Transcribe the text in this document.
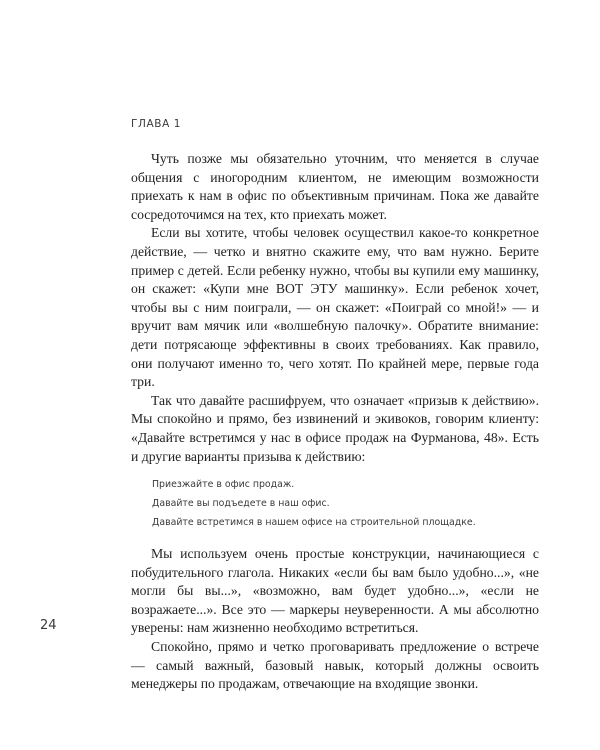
ГЛАВА 1

Чуть позже мы обязательно уточним, что меняется в случае общения с иногородним клиентом, не имеющим возможности приехать к нам в офис по объективным причинам. Пока же давайте сосредоточимся на тех, кто приехать может.

Если вы хотите, чтобы человек осуществил какое-то конкретное действие, — четко и внятно скажите ему, что вам нужно. Берите пример с детей. Если ребенку нужно, чтобы вы купили ему машинку, он скажет: «Купи мне ВОТ ЭТУ машинку». Если ребенок хочет, чтобы вы с ним поиграли, — он скажет: «Поиграй со мной!» — и вручит вам мячик или «волшебную палочку». Обратите внимание: дети потрясающе эффективны в своих требованиях. Как правило, они получают именно то, чего хотят. По крайней мере, первые года три.

Так что давайте расшифруем, что означает «призыв к действию». Мы спокойно и прямо, без извинений и экивоков, говорим клиенту: «Давайте встретимся у нас в офисе продаж на Фурманова, 48». Есть и другие варианты призыва к действию:

Приезжайте в офис продаж.
Давайте вы подъедете в наш офис.
Давайте встретимся в нашем офисе на строительной площадке.

Мы используем очень простые конструкции, начинающиеся с побудительного глагола. Никаких «если бы вам было удобно...», «не могли бы вы...», «возможно, вам будет удобно...», «если не возражаете...». Все это — маркеры неуверенности. А мы абсолютно уверены: нам жизненно необходимо встретиться.

Спокойно, прямо и четко проговаривать предложение о встрече — самый важный, базовый навык, который должны освоить менеджеры по продажам, отвечающие на входящие звонки.

24
